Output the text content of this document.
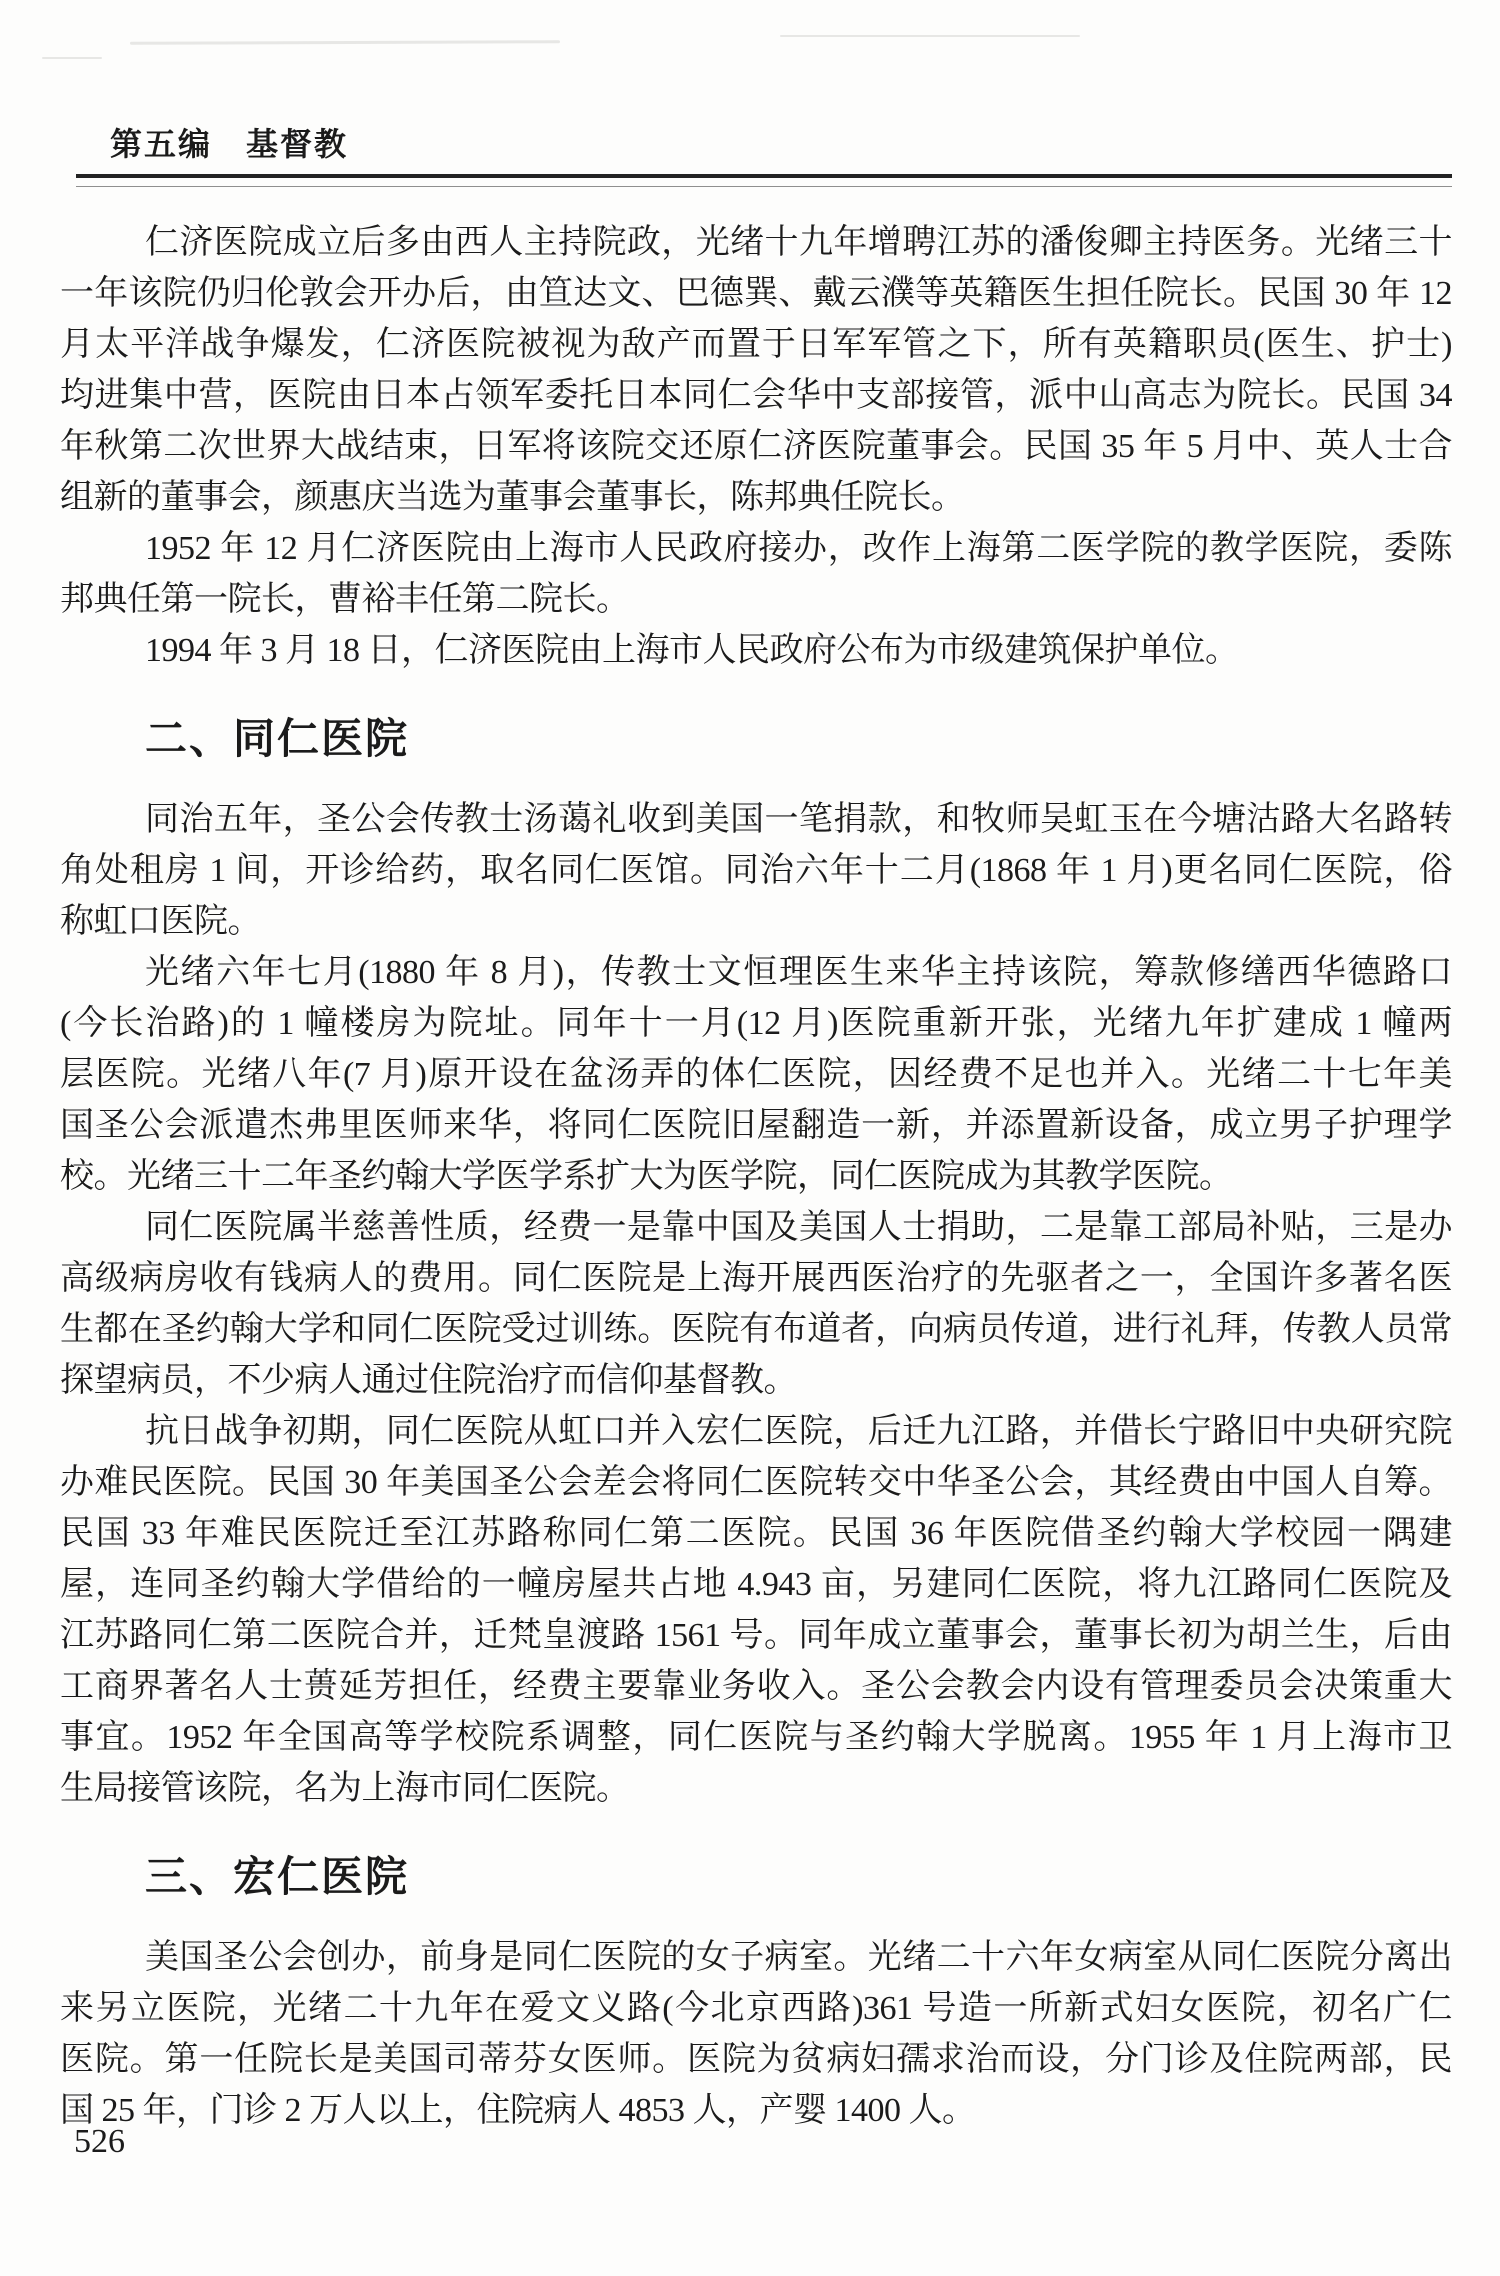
第五编　基督教
仁济医院成立后多由西人主持院政，光绪十九年增聘江苏的潘俊卿主持医务。光绪三十
一年该院仍归伦敦会开办后，由笪达文、巴德巽、戴云濮等英籍医生担任院长。民国 30 年 12
月太平洋战争爆发，仁济医院被视为敌产而置于日军军管之下，所有英籍职员(医生、护士)
均进集中营，医院由日本占领军委托日本同仁会华中支部接管，派中山高志为院长。民国 34
年秋第二次世界大战结束，日军将该院交还原仁济医院董事会。民国 35 年 5 月中、英人士合
组新的董事会，颜惠庆当选为董事会董事长，陈邦典任院长。
1952 年 12 月仁济医院由上海市人民政府接办，改作上海第二医学院的教学医院，委陈
邦典任第一院长，曹裕丰任第二院长。
1994 年 3 月 18 日，仁济医院由上海市人民政府公布为市级建筑保护单位。
二、同仁医院
同治五年，圣公会传教士汤蔼礼收到美国一笔捐款，和牧师吴虹玉在今塘沽路大名路转
角处租房 1 间，开诊给药，取名同仁医馆。同治六年十二月(1868 年 1 月)更名同仁医院，俗
称虹口医院。
光绪六年七月(1880 年 8 月)，传教士文恒理医生来华主持该院，筹款修缮西华德路口
(今长治路)的 1 幢楼房为院址。同年十一月(12 月)医院重新开张，光绪九年扩建成 1 幢两
层医院。光绪八年(7 月)原开设在盆汤弄的体仁医院，因经费不足也并入。光绪二十七年美
国圣公会派遣杰弗里医师来华，将同仁医院旧屋翻造一新，并添置新设备，成立男子护理学
校。光绪三十二年圣约翰大学医学系扩大为医学院，同仁医院成为其教学医院。
同仁医院属半慈善性质，经费一是靠中国及美国人士捐助，二是靠工部局补贴，三是办
高级病房收有钱病人的费用。同仁医院是上海开展西医治疗的先驱者之一，全国许多著名医
生都在圣约翰大学和同仁医院受过训练。医院有布道者，向病员传道，进行礼拜，传教人员常
探望病员，不少病人通过住院治疗而信仰基督教。
抗日战争初期，同仁医院从虹口并入宏仁医院，后迁九江路，并借长宁路旧中央研究院
办难民医院。民国 30 年美国圣公会差会将同仁医院转交中华圣公会，其经费由中国人自筹。
民国 33 年难民医院迁至江苏路称同仁第二医院。民国 36 年医院借圣约翰大学校园一隅建
屋，连同圣约翰大学借给的一幢房屋共占地 4.943 亩，另建同仁医院，将九江路同仁医院及
江苏路同仁第二医院合并，迁梵皇渡路 1561 号。同年成立董事会，董事长初为胡兰生，后由
工商界著名人士蒉延芳担任，经费主要靠业务收入。圣公会教会内设有管理委员会决策重大
事宜。1952 年全国高等学校院系调整，同仁医院与圣约翰大学脱离。1955 年 1 月上海市卫
生局接管该院，名为上海市同仁医院。
三、宏仁医院
美国圣公会创办，前身是同仁医院的女子病室。光绪二十六年女病室从同仁医院分离出
来另立医院，光绪二十九年在爱文义路(今北京西路)361 号造一所新式妇女医院，初名广仁
医院。第一任院长是美国司蒂芬女医师。医院为贫病妇孺求治而设，分门诊及住院两部，民
国 25 年，门诊 2 万人以上，住院病人 4853 人，产婴 1400 人。
526
